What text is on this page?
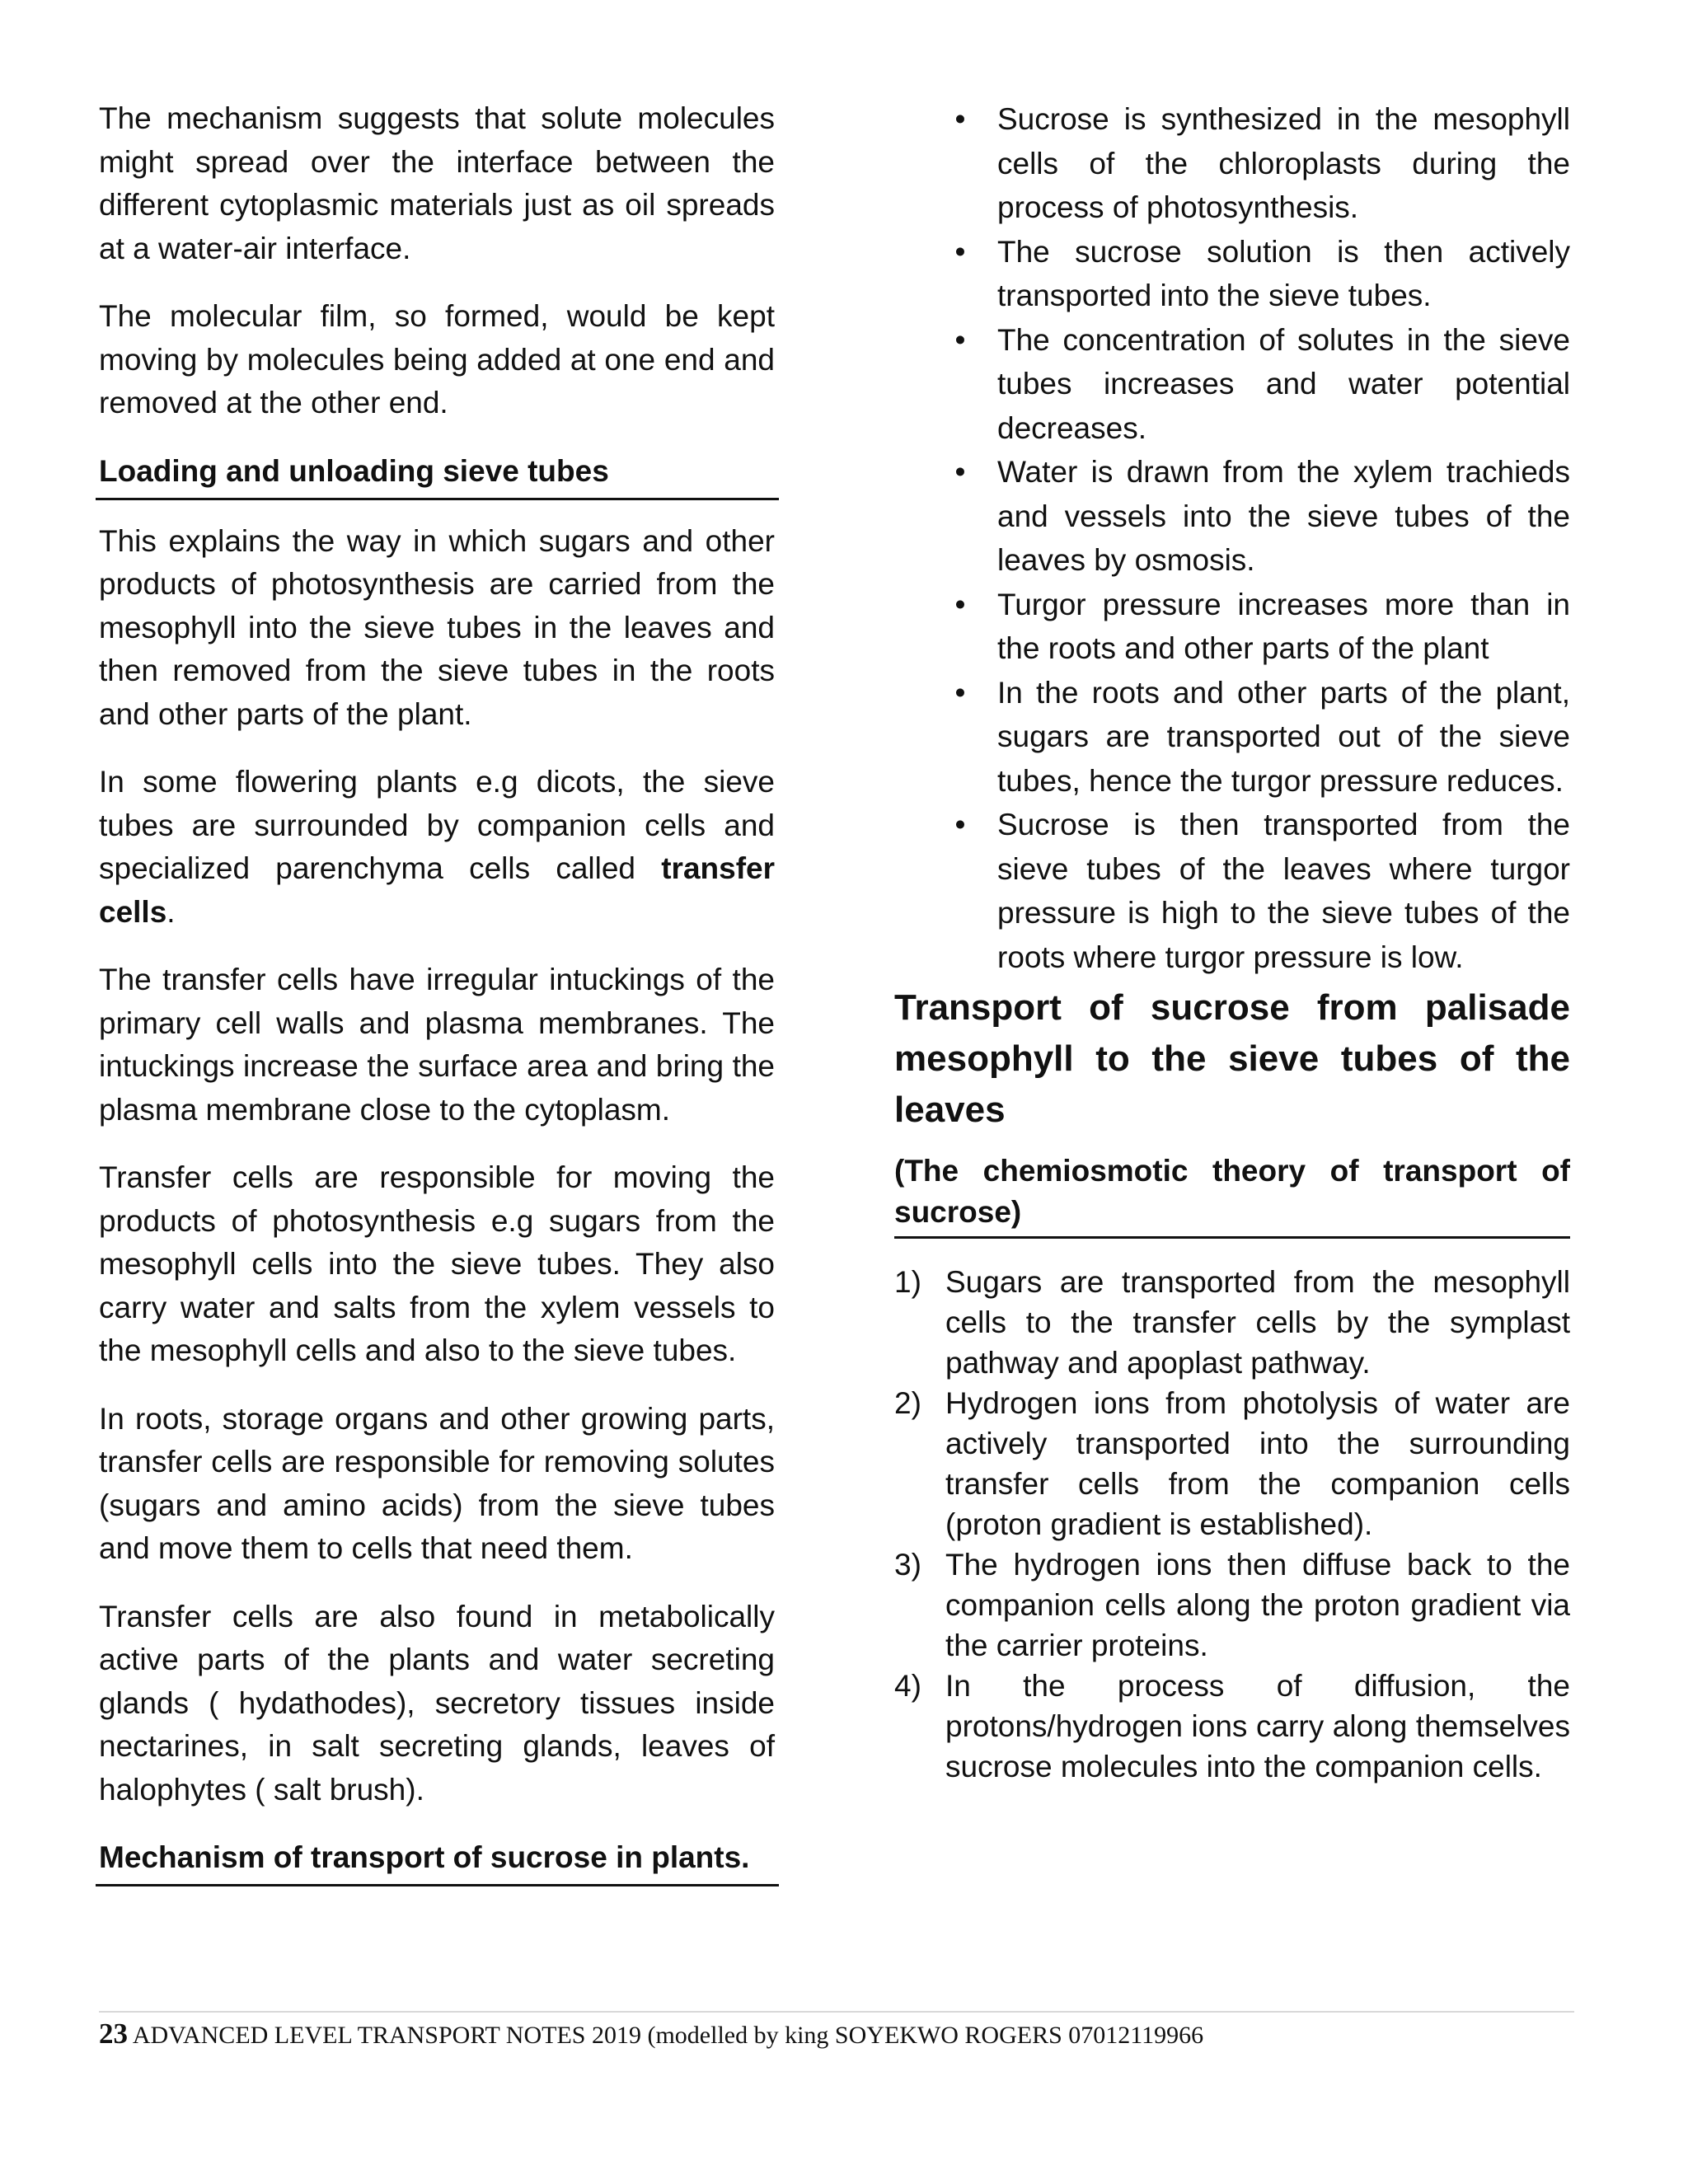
The mechanism suggests that solute molecules might spread over the interface between the different cytoplasmic materials just as oil spreads at a water-air interface.

The molecular film, so formed, would be kept moving by molecules being added at one end and removed at the other end.

Loading and unloading sieve tubes

This explains the way in which sugars and other products of photosynthesis are carried from the mesophyll into the sieve tubes in the leaves and then removed from the sieve tubes in the roots and other parts of the plant.

In some flowering plants e.g dicots, the sieve tubes are surrounded by companion cells and specialized parenchyma cells called transfer cells.

The transfer cells have irregular intuckings of the primary cell walls and plasma membranes. The intuckings increase the surface area and bring the plasma membrane close to the cytoplasm.

Transfer cells are responsible for moving the products of photosynthesis e.g sugars from the mesophyll cells into the sieve tubes. They also carry water and salts from the xylem vessels to the mesophyll cells and also to the sieve tubes.

In roots, storage organs and other growing parts, transfer cells are responsible for removing solutes (sugars and amino acids) from the sieve tubes and move them to cells that need them.

Transfer cells are also found in metabolically active parts of the plants and water secreting glands ( hydathodes), secretory tissues inside nectarines, in salt secreting glands, leaves of halophytes ( salt brush).

Mechanism of transport of sucrose in plants.
• Sucrose is synthesized in the mesophyll cells of the chloroplasts during the process of photosynthesis.
• The sucrose solution is then actively transported into the sieve tubes.
• The concentration of solutes in the sieve tubes increases and water potential decreases.
• Water is drawn from the xylem trachieds and vessels into the sieve tubes of the leaves by osmosis.
• Turgor pressure increases more than in the roots and other parts of the plant
• In the roots and other parts of the plant, sugars are transported out of the sieve tubes, hence the turgor pressure reduces.
• Sucrose is then transported from the sieve tubes of the leaves where turgor pressure is high to the sieve tubes of the roots where turgor pressure is low.
Transport of sucrose from palisade mesophyll to the sieve tubes of the leaves
(The chemiosmotic theory of transport of sucrose)
1) Sugars are transported from the mesophyll cells to the transfer cells by the symplast pathway and apoplast pathway.
2) Hydrogen ions from photolysis of water are actively transported into the surrounding transfer cells from the companion cells (proton gradient is established).
3) The hydrogen ions then diffuse back to the companion cells along the proton gradient via the carrier proteins.
4) In the process of diffusion, the protons/hydrogen ions carry along themselves sucrose molecules into the companion cells.
23 ADVANCED LEVEL TRANSPORT NOTES 2019 (modelled by king SOYEKWO ROGERS 07012119966
